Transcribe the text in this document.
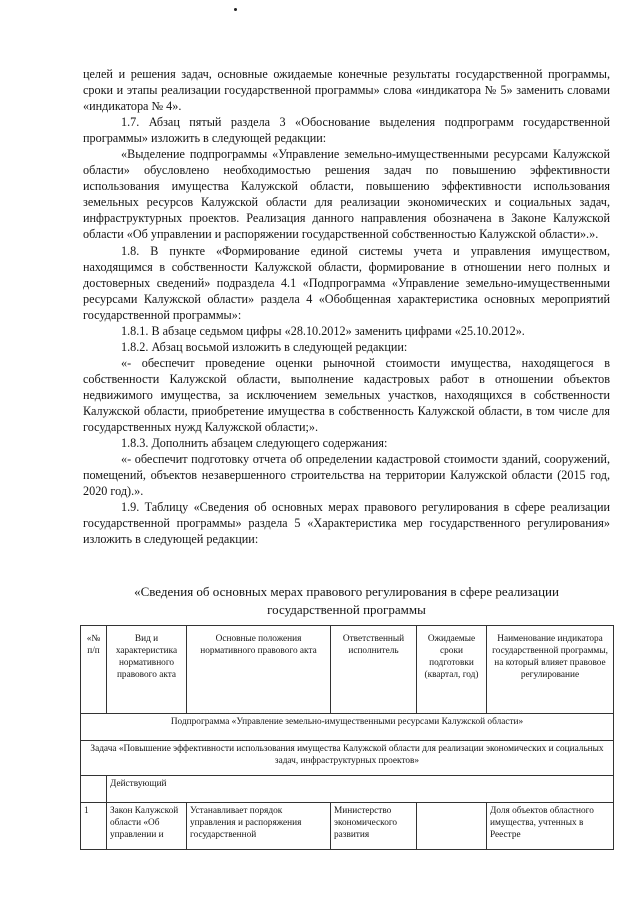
целей и решения задач, основные ожидаемые конечные результаты государственной программы, сроки и этапы реализации государственной программы» слова «индикатора № 5» заменить словами «индикатора № 4».

1.7. Абзац пятый раздела 3 «Обоснование выделения подпрограмм государственной программы» изложить в следующей редакции:

«Выделение подпрограммы «Управление земельно-имущественными ресурсами Калужской области» обусловлено необходимостью решения задач по повышению эффективности использования имущества Калужской области, повышению эффективности использования земельных ресурсов Калужской области для реализации экономических и социальных задач, инфраструктурных проектов. Реализация данного направления обозначена в Законе Калужской области «Об управлении и распоряжении государственной собственностью Калужской области».».

1.8. В пункте «Формирование единой системы учета и управления имуществом, находящимся в собственности Калужской области, формирование в отношении него полных и достоверных сведений» подраздела 4.1 «Подпрограмма «Управление земельно-имущественными ресурсами Калужской области» раздела 4 «Обобщенная характеристика основных мероприятий государственной программы»:

1.8.1. В абзаце седьмом цифры «28.10.2012» заменить цифрами «25.10.2012».

1.8.2. Абзац восьмой изложить в следующей редакции:

«- обеспечит проведение оценки рыночной стоимости имущества, находящегося в собственности Калужской области, выполнение кадастровых работ в отношении объектов недвижимого имущества, за исключением земельных участков, находящихся в собственности Калужской области, приобретение имущества в собственность Калужской области, в том числе для государственных нужд Калужской области;».

1.8.3. Дополнить абзацем следующего содержания:

«- обеспечит подготовку отчета об определении кадастровой стоимости зданий, сооружений, помещений, объектов незавершенного строительства на территории Калужской области (2015 год, 2020 год).».

1.9. Таблицу «Сведения об основных мерах правового регулирования в сфере реализации государственной программы» раздела 5 «Характеристика мер государственного регулирования» изложить в следующей редакции:

«Сведения об основных мерах правового регулирования в сфере реализации
государственной программы
«№ п/п	Вид и характеристика нормативного правового акта	Основные положения нормативного правового акта	Ответственный исполнитель	Ожидаемые сроки подготовки (квартал, год)	Наименование индикатора государственной программы, на который влияет правовое регулирование
Подпрограмма «Управление земельно-имущественными ресурсами Калужской области»					
Задача «Повышение эффективности использования имущества Калужской области для реализации экономических и социальных задач, инфраструктурных проектов»					
	Действующий				
1	Закон Калужской области «Об управлении и	Устанавливает порядок управления и распоряжения государственной	Министерство экономического развития		Доля объектов областного имущества, учтенных в Реестре
